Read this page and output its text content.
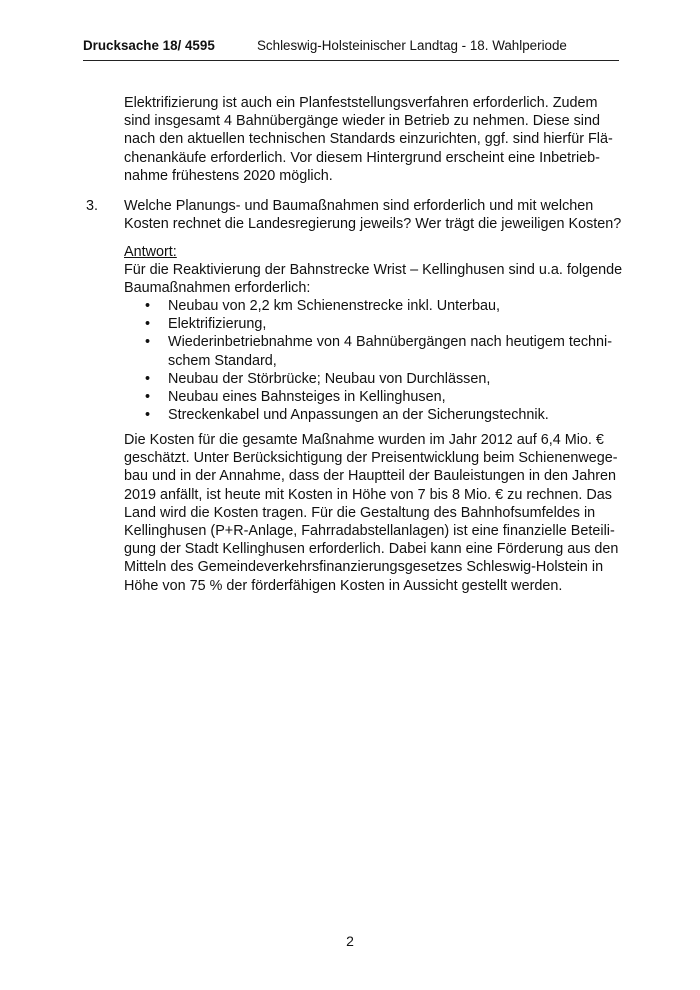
Drucksache 18/ 4595	Schleswig-Holsteinischer Landtag - 18. Wahlperiode
Elektrifizierung ist auch ein Planfeststellungsverfahren erforderlich. Zudem
sind insgesamt 4 Bahnübergänge wieder in Betrieb zu nehmen. Diese sind
nach den aktuellen technischen Standards einzurichten, ggf. sind hierfür Flä-
chenankäufe erforderlich. Vor diesem Hintergrund erscheint eine Inbetrieb-
nahme frühestens 2020 möglich.
3. Welche Planungs- und Baumaßnahmen sind erforderlich und mit welchen
Kosten rechnet die Landesregierung jeweils? Wer trägt die jeweiligen Kosten?
Antwort:
Für die Reaktivierung der Bahnstrecke Wrist – Kellinghusen sind u.a. folgende
Baumaßnahmen erforderlich:
• Neubau von 2,2 km Schienenstrecke inkl. Unterbau,
• Elektrifizierung,
• Wiederinbetriebnahme von 4 Bahnübergängen nach heutigem techni-
schem Standard,
• Neubau der Störbrücke; Neubau von Durchlässen,
• Neubau eines Bahnsteiges in Kellinghusen,
• Streckenkabel und Anpassungen an der Sicherungstechnik.
Die Kosten für die gesamte Maßnahme wurden im Jahr 2012 auf 6,4 Mio. €
geschätzt. Unter Berücksichtigung der Preisentwicklung beim Schienenwege-
bau und in der Annahme, dass der Hauptteil der Bauleistungen in den Jahren
2019 anfällt, ist heute mit Kosten in Höhe von 7 bis 8 Mio. € zu rechnen. Das
Land wird die Kosten tragen. Für die Gestaltung des Bahnhofsumfeldes in
Kellinghusen (P+R-Anlage, Fahrradabstellanlagen) ist eine finanzielle Beteili-
gung der Stadt Kellinghusen erforderlich. Dabei kann eine Förderung aus den
Mitteln des Gemeindeverkehrsfinanzierungsgesetzes Schleswig-Holstein in
Höhe von 75 % der förderfähigen Kosten in Aussicht gestellt werden.
2
